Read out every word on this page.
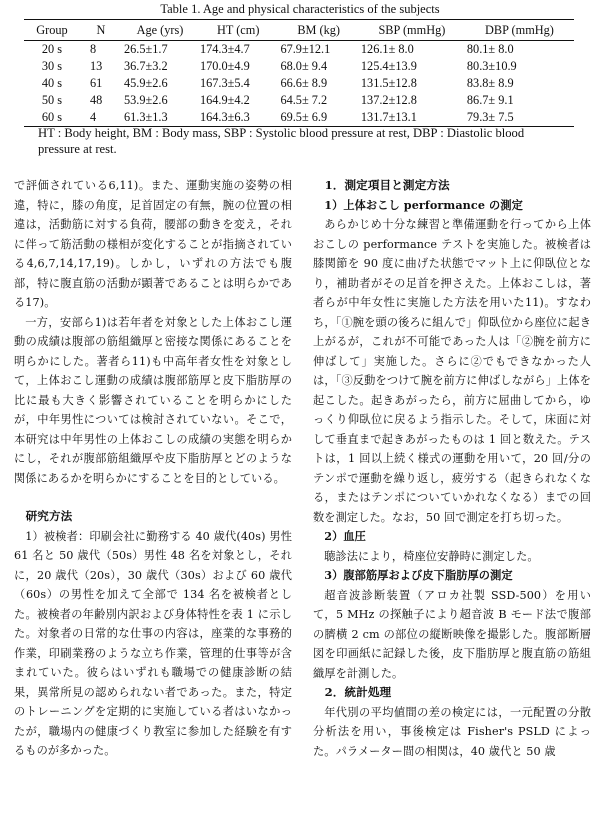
Table 1. Age and physical characteristics of the subjects
Group	N	Age (yrs)	HT (cm)	BM (kg)	SBP (mmHg)	DBP (mmHg)
20 s	8	26.5±1.7	174.3±4.7	67.9±12.1	126.1± 8.0	80.1± 8.0
30 s	13	36.7±3.2	170.0±4.9	68.0± 9.4	125.4±13.9	80.3±10.9
40 s	61	45.9±2.6	167.3±5.4	66.6± 8.9	131.5±12.8	83.8± 8.9
50 s	48	53.9±2.6	164.9±4.2	64.5± 7.2	137.2±12.8	86.7± 9.1
60 s	4	61.3±1.3	164.3±6.3	69.5± 6.9	131.7±13.1	79.3± 7.5
HT : Body height, BM : Body mass, SBP : Systolic blood pressure at rest, DBP : Diastolic blood pressure at rest.

で評価されている6,11)。また、運動実施の姿勢の相違，特に，膝の角度，足首固定の有無，腕の位置の相違は，活動筋に対する負荷，腰部の動きを変え，それに伴って筋活動の様相が変化することが指摘されている4,6,7,14,17,19)。しかし，いずれの方法でも腹部，特に腹直筋の活動が顕著であることは明らかである17)。

一方，安部ら1)は若年者を対象とした上体おこし運動の成績は腹部の筋組織厚と密接な関係にあることを明らかにした。著者ら11)も中高年者女性を対象として，上体おこし運動の成績は腹部筋厚と皮下脂肪厚の比に最も大きく影響されていることを明らかにしたが，中年男性については検討されていない。そこで，本研究は中年男性の上体おこしの成績の実態を明らかにし，それが腹部筋組織厚や皮下脂肪厚とどのような関係にあるかを明らかにすることを目的としている。

研究方法

1）被検者：印刷会社に勤務する 40 歳代(40s) 男性 61 名と 50 歳代（50s）男性 48 名を対象とし，それに，20 歳代（20s），30 歳代（30s）および 60 歳代（60s）の男性を加えて全部で 134 名を被検者とした。被検者の年齢別内訳および身体特性を表 1 に示した。対象者の日常的な仕事の内容は，座業的な事務的作業，印刷業務のような立ち作業，管理的仕事等が含まれていた。彼らはいずれも職場での健康診断の結果，異常所見の認められない者であった。また，特定のトレーニングを定期的に実施している者はいなかったが，職場内の健康づくり教室に参加した経験を有するものが多かった。

1．測定項目と測定方法
1）上体おこし performance の測定

あらかじめ十分な練習と準備運動を行ってから上体おこしの performance テストを実施した。被検者は膝関節を 90 度に曲げた状態でマット上に仰臥位となり，補助者がその足首を押さえた。上体おこしは，著者らが中年女性に実施した方法を用いた11)。すなわち，「①腕を頭の後ろに組んで」仰臥位から座位に起き上がるが，これが不可能であった人は「②腕を前方に伸ばして」実施した。さらに②でもできなかった人は，「③反動をつけて腕を前方に伸ばしながら」上体を起こした。起きあがったら，前方に屈曲してから，ゆっくり仰臥位に戻るよう指示した。そして，床面に対して垂直まで起きあがったものは 1 回と数えた。テストは，1 回以上続く様式の運動を用いて，20 回/分のテンポで運動を繰り返し，疲労する（起きられなくなる，またはテンポについていかれなくなる）までの回数を測定した。なお，50 回で測定を打ち切った。

2）血圧

聴診法により，椅座位安静時に測定した。

3）腹部筋厚および皮下脂肪厚の測定

超音波診断装置（アロカ社製 SSD-500）を用いて，5 MHz の探触子により超音波 B モード法で腹部の臍横 2 cm の部位の縦断映像を撮影した。腹部断層図を印画紙に記録した後，皮下脂肪厚と腹直筋の筋組織厚を計測した。

2．統計処理

年代別の平均値間の差の検定には，一元配置の分散分析法を用い，事後検定は Fisher's PSLD によった。パラメーター間の相関は，40 歳代と 50 歳
